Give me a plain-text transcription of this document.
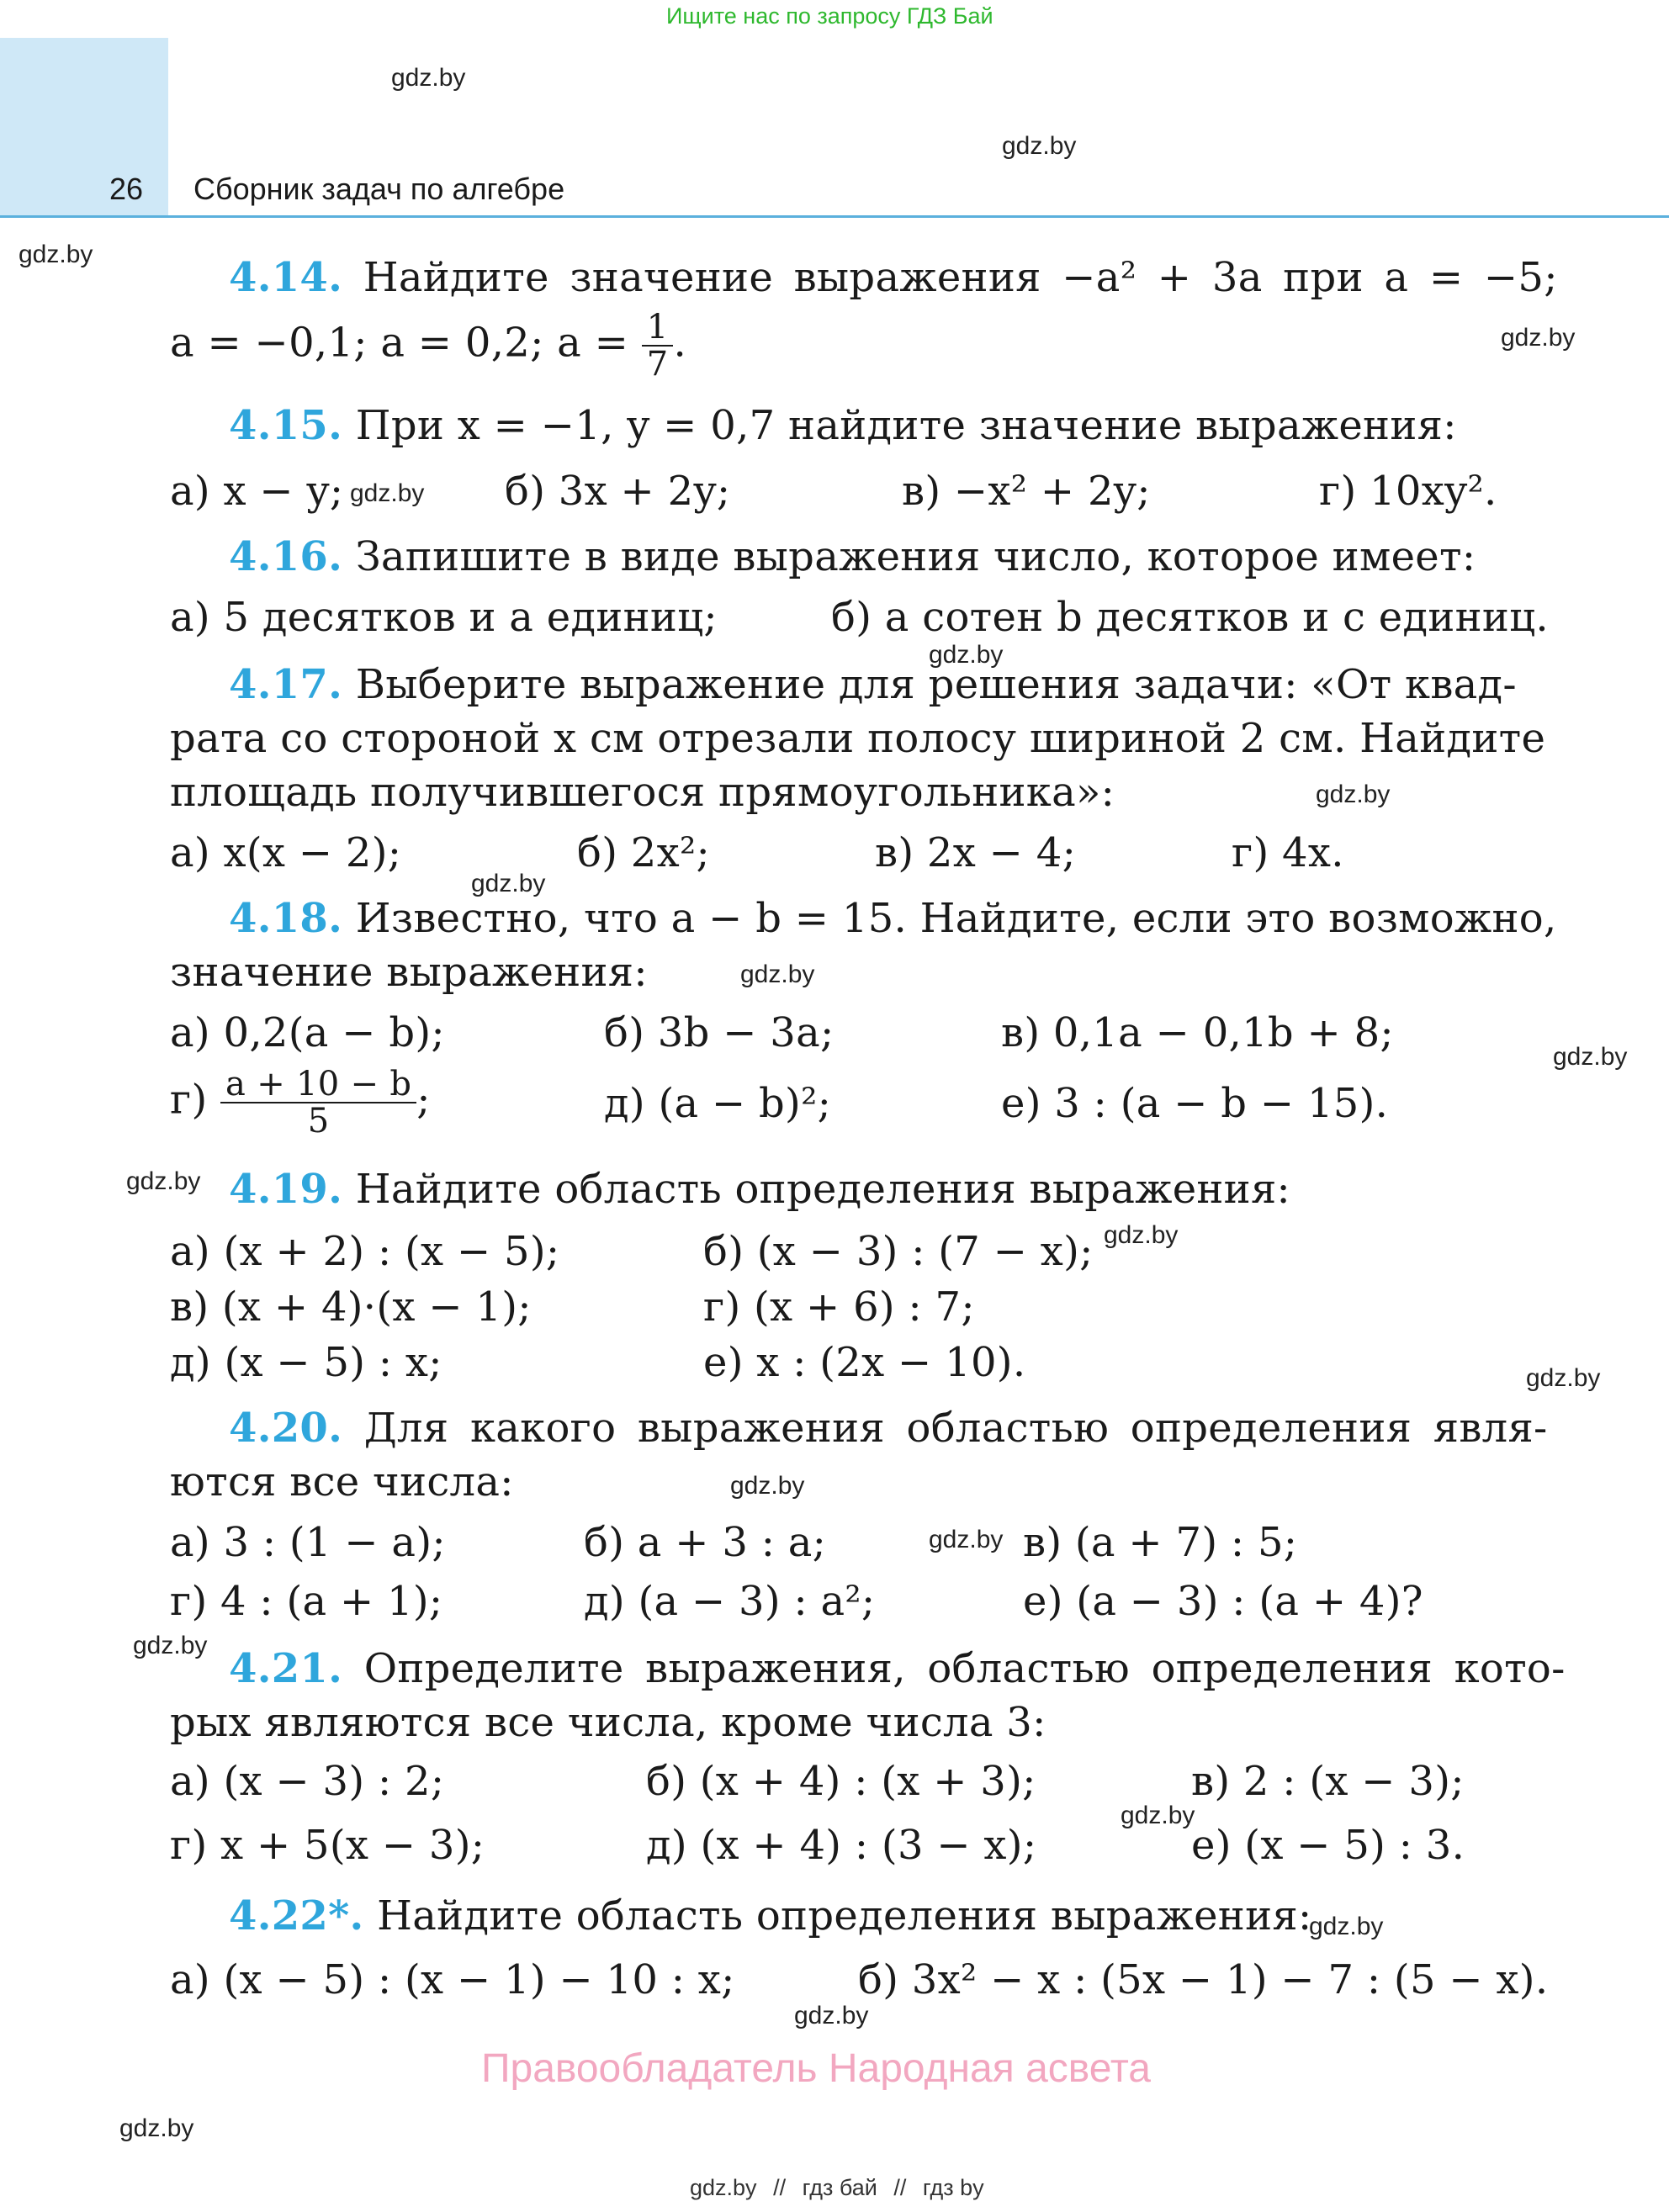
Ищите нас по запросу ГДЗ Бай
gdz.by
gdz.by
26 Сборник задач по алгебре
gdz.by	4.14. Найдите значение выражения −a² + 3a при a = −5;
a = −0,1; a = 0,2; $a = \frac{1}{7}$ .	gdz.by
4.15. При x = −1, y = 0,7 найдите значение выражения:
а) x − y; gdz.by б) 3x + 2y;	в) −x² + 2y;	г) 10xy².
4.16. Запишите в виде выражения число, которое имеет:
а) 5 десятков и a единиц;	б) a сотен b десятков и c единиц.
gdz.by
4.17. Выберите выражение для решения задачи: «От квад-
рата со стороной x см отрезали полосу шириной 2 см. Найдите
площадь получившегося прямоугольника»:	gdz.by
а) x(x − 2);
gdz.by
б) 2x²;	в) 2x − 4;	г) 4x.
4.18. Известно, что a − b = 15. Найдите, если это возможно,
значение выражения:	gdz.by
а) 0,2(a − b);	б) 3b − 3a;	в) 0,1a − 0,1b + 8;
gdz.by
$г) \frac{a + 10 - b}{5}$ ;	д) (a − b)²;	е) 3 : (a − b − 15).
gdz.by 4.19. Найдите область определения выражения:
а) (x + 2) : (x − 5);	б) (x − 3) : (7 − x); gdz.by
в) (x + 4)·(x − 1);	г) (x + 6) : 7;
д) (x − 5) : x;	е) x : (2x − 10).	gdz.by
4.20. Для какого выражения областью определения явля-
ются все числа:	gdz.by
а) 3 : (1 − a);	б) a + 3 : a;	gdz.by в) (a + 7) : 5;
г) 4 : (a + 1);	д) (a − 3) : a²;	е) (a − 3) : (a + 4)?
gdz.by 4.21. Определите выражения, областью определения кото-
рых являются все числа, кроме числа 3:
а) (x − 3) : 2;	б) (x + 4) : (x + 3);	в) 2 : (x − 3);
gdz.by
г) x + 5(x − 3);	д) (x + 4) : (3 − x);	е) (x − 5) : 3.
4.22*. Найдите область определения выражения:
gdz.by
а) (x − 5) : (x − 1) − 10 : x;	б) 3x² − x : (5x − 1) − 7 : (5 − x).
gdz.by
Правообладатель Народная асвета
gdz.by
gdz.by // гдз бай // гдз by
